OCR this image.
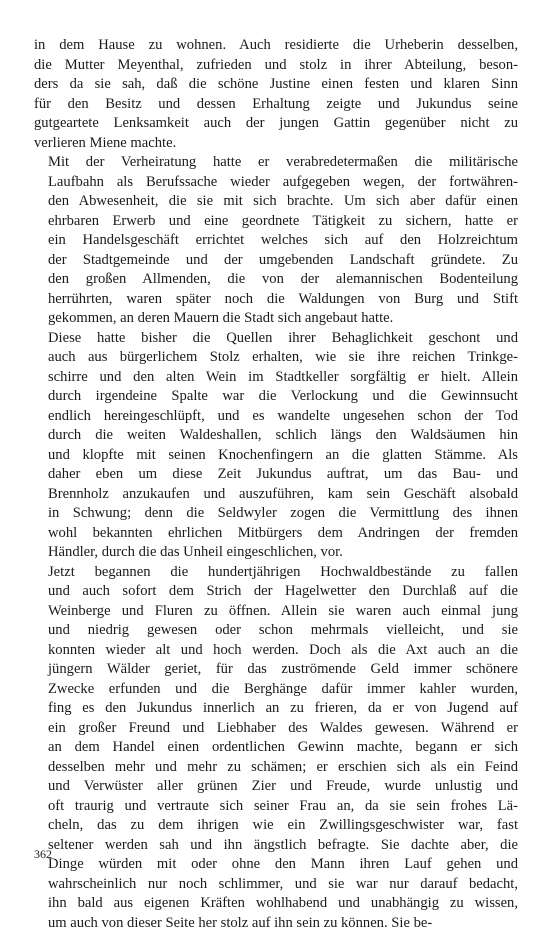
in dem Hause zu wohnen. Auch residierte die Urheberin desselben,
die Mutter Meyenthal, zufrieden und stolz in ihrer Abteilung, beson-
ders da sie sah, daß die schöne Justine einen festen und klaren Sinn
für den Besitz und dessen Erhaltung zeigte und Jukundus seine
gutgeartete Lenksamkeit auch der jungen Gattin gegenüber nicht zu
verlieren Miene machte.

Mit der Verheiratung hatte er verabredetermaßen die militärische
Laufbahn als Berufssache wieder aufgegeben wegen, der fortwähren-
den Abwesenheit, die sie mit sich brachte. Um sich aber dafür einen
ehrbaren Erwerb und eine geordnete Tätigkeit zu sichern, hatte er
ein Handelsgeschäft errichtet welches sich auf den Holzreichtum
der Stadtgemeinde und der umgebenden Landschaft gründete. Zu
den großen Allmenden, die von der alemannischen Bodenteilung
herrührten, waren später noch die Waldungen von Burg und Stift
gekommen, an deren Mauern die Stadt sich angebaut hatte.

Diese hatte bisher die Quellen ihrer Behaglichkeit geschont und
auch aus bürgerlichem Stolz erhalten, wie sie ihre reichen Trinkge-
schirre und den alten Wein im Stadtkeller sorgfältig er hielt. Allein
durch irgendeine Spalte war die Verlockung und die Gewinnsucht
endlich hereingeschlüpft, und es wandelte ungesehen schon der Tod
durch die weiten Waldeshallen, schlich längs den Waldsäumen hin
und klopfte mit seinen Knochenfingern an die glatten Stämme. Als
daher eben um diese Zeit Jukundus auftrat, um das Bau- und
Brennholz anzukaufen und auszuführen, kam sein Geschäft alsobald
in Schwung; denn die Seldwyler zogen die Vermittlung des ihnen
wohl bekannten ehrlichen Mitbürgers dem Andringen der fremden
Händler, durch die das Unheil eingeschlichen, vor.

Jetzt begannen die hundertjährigen Hochwaldbestände zu fallen
und auch sofort dem Strich der Hagelwetter den Durchlaß auf die
Weinberge und Fluren zu öffnen. Allein sie waren auch einmal jung
und niedrig gewesen oder schon mehrmals vielleicht, und sie
konnten wieder alt und hoch werden. Doch als die Axt auch an die
jüngern Wälder geriet, für das zuströmende Geld immer schönere
Zwecke erfunden und die Berghänge dafür immer kahler wurden,
fing es den Jukundus innerlich an zu frieren, da er von Jugend auf
ein großer Freund und Liebhaber des Waldes gewesen. Während er
an dem Handel einen ordentlichen Gewinn machte, begann er sich
desselben mehr und mehr zu schämen; er erschien sich als ein Feind
und Verwüster aller grünen Zier und Freude, wurde unlustig und
oft traurig und vertraute sich seiner Frau an, da sie sein frohes Lä-
cheln, das zu dem ihrigen wie ein Zwillingsgeschwister war, fast
seltener werden sah und ihn ängstlich befragte. Sie dachte aber, die
Dinge würden mit oder ohne den Mann ihren Lauf gehen und
wahrscheinlich nur noch schlimmer, und sie war nur darauf bedacht,
ihn bald aus eigenen Kräften wohlhabend und unabhängig zu wissen,
um auch von dieser Seite her stolz auf ihn sein zu können. Sie be-

362
